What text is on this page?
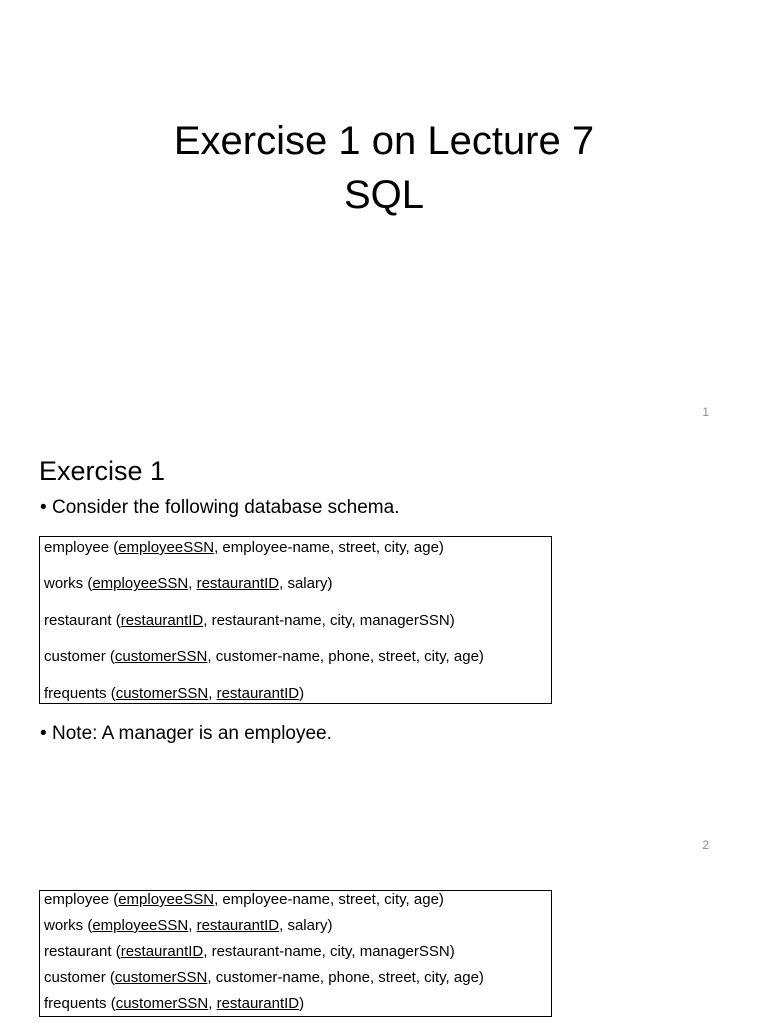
Exercise 1 on Lecture 7
SQL
1
Exercise 1
• Consider the following database schema.
employee (employeeSSN, employee-name, street, city, age)
works (employeeSSN, restaurantID, salary)
restaurant (restaurantID, restaurant-name, city, managerSSN)
customer (customerSSN, customer-name, phone, street, city, age)
frequents (customerSSN, restaurantID)
• Note: A manager is an employee.
2
employee (employeeSSN, employee-name, street, city, age)
works (employeeSSN, restaurantID, salary)
restaurant (restaurantID, restaurant-name, city, managerSSN)
customer (customerSSN, customer-name, phone, street, city, age)
frequents (customerSSN, restaurantID)
